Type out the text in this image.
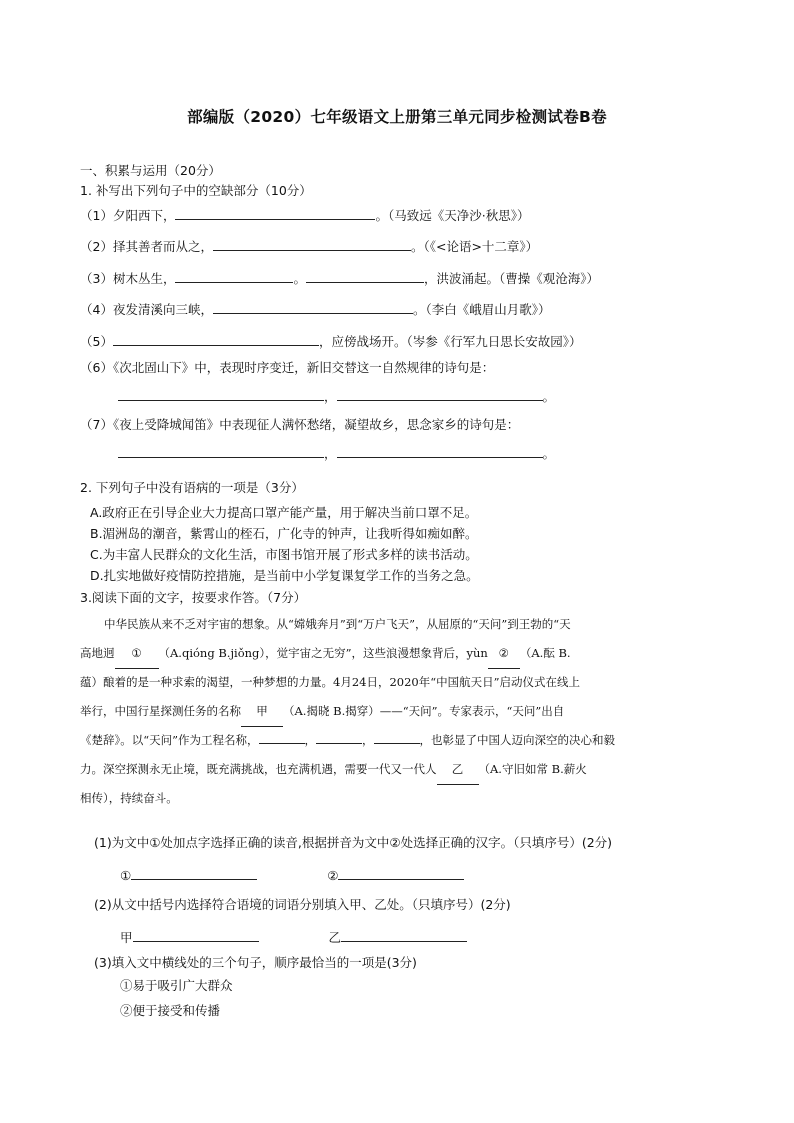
部编版（2020）七年级语文上册第三单元同步检测试卷B卷
一、积累与运用（20分）
1. 补写出下列句子中的空缺部分（10分）
（1）夕阳西下，	。（马致远《天净沙·秋思》）
（2）择其善者而从之，	。（《<论语>十二章》）
（3）树木丛生，	。	，洪波涌起。（曹操《观沧海》）
（4）夜发清溪向三峡，	。（李白《峨眉山月歌》）
（5）	，应傍战场开。（岑参《行军九日思长安故园》）
（6）《次北固山下》中，表现时序变迁，新旧交替这一自然规律的诗句是：
，	。
（7）《夜上受降城闻笛》中表现征人满怀愁绪，凝望故乡，思念家乡的诗句是：
，	。
2. 下列句子中没有语病的一项是（3分）
A.政府正在引导企业大力提高口罩产能产量，用于解决当前口罩不足。
B.湄洲岛的潮音，紫霄山的桎石，广化寺的钟声，让我听得如痴如醉。
C.为丰富人民群众的文化生活，市图书馆开展了形式多样的读书活动。
D.扎实地做好疫情防控措施，是当前中小学复课复学工作的当务之急。
3.阅读下面的文字，按要求作答。（7分）
中华民族从来不乏对宇宙的想象。从“嫦娥奔月”到“万户飞天”，从屈原的“天问”到王勃的“天
高地迥 ① （A.qióng B.jiǒng），觉宇宙之无穷”，这些浪漫想象背后，yùn ② （A.酝 B.
蕴）酿着的是一种求索的渴望，一种梦想的力量。4月24日，2020年“中国航天日”启动仪式在线上
举行，中国行星探测任务的名称 甲 （A.揭晓 B.揭穿）——“天问”。专家表示，“天问”出自
《楚辞》。以“天问”作为工程名称，	，	，	，也彰显了中国人迈向深空的决心和毅
力。深空探测永无止境，既充满挑战，也充满机遇，需要一代又一代人 乙 （A.守旧如常 B.薪火
相传），持续奋斗。
(1)为文中①处加点字选择正确的读音,根据拼音为文中②处选择正确的汉字。（只填序号）(2分)
①	②
(2)从文中括号内选择符合语境的词语分别填入甲、乙处。（只填序号）(2分)
甲	乙
(3)填入文中横线处的三个句子，顺序最恰当的一项是(3分)
①易于吸引广大群众
②便于接受和传播
